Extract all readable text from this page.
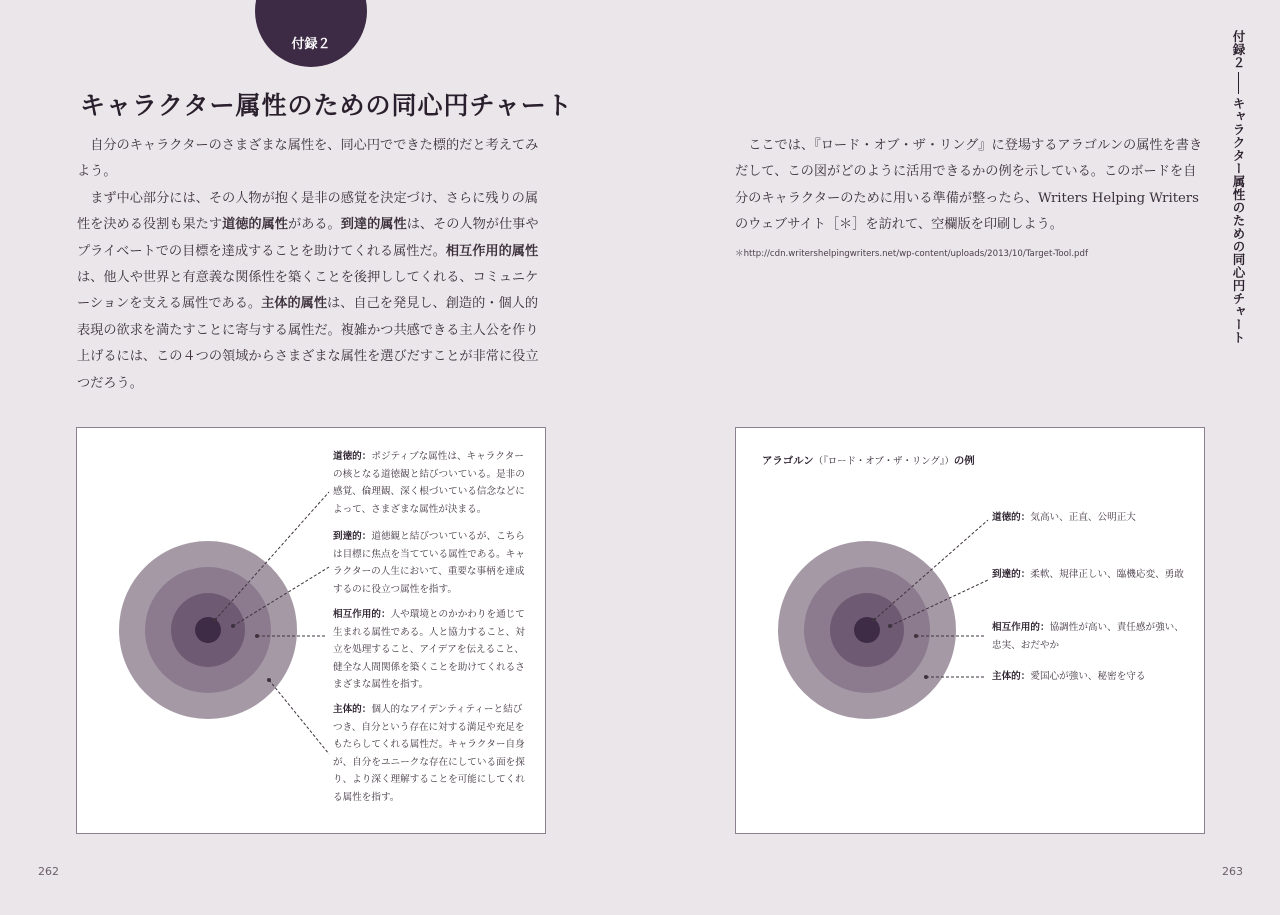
付録２
キャラクター属性のための同心円チャート

自分のキャラクターのさまざまな属性を、同心円でできた標的だと考えてみよう。

まず中心部分には、その人物が抱く是非の感覚を決定づけ、さらに残りの属性を決める役割も果たす道徳的属性がある。到達的属性は、その人物が仕事やプライベートでの目標を達成することを助けてくれる属性だ。相互作用的属性は、他人や世界と有意義な関係性を築くことを後押ししてくれる、コミュニケーションを支える属性である。主体的属性は、自己を発見し、創造的・個人的表現の欲求を満たすことに寄与する属性だ。複雑かつ共感できる主人公を作り上げるには、この４つの領域からさまざまな属性を選びだすことが非常に役立つだろう。

ここでは、『ロード・オブ・ザ・リング』に登場するアラゴルンの属性を書きだして、この図がどのように活用できるかの例を示している。このボードを自分のキャラクターのために用いる準備が整ったら、Writers Helping Writersのウェブサイト［＊］を訪れて、空欄版を印刷しよう。

＊http://cdn.writershelpingwriters.net/wp-content/uploads/2013/10/Target-Tool.pdf
付録２キャラクター属性のための同心円チャート
道徳的：ポジティブな属性は、キャラクターの核となる道徳観と結びついている。是非の感覚、倫理観、深く根づいている信念などによって、さまざまな属性が決まる。
到達的：道徳観と結びついているが、こちらは目標に焦点を当てている属性である。キャラクターの人生において、重要な事柄を達成するのに役立つ属性を指す。
相互作用的：人や環境とのかかわりを通じて生まれる属性である。人と協力すること、対立を処理すること、アイデアを伝えること、健全な人間関係を築くことを助けてくれるさまざまな属性を指す。
主体的：個人的なアイデンティティーと結びつき、自分という存在に対する満足や充足をもたらしてくれる属性だ。キャラクター自身が、自分をユニークな存在にしている面を探り、より深く理解することを可能にしてくれる属性を指す。
アラゴルン（『ロード・オブ・ザ・リング』）の例
道徳的：気高い、正直、公明正大
到達的：柔軟、規律正しい、臨機応変、勇敢
相互作用的：協調性が高い、責任感が強い、忠実、おだやか
主体的：愛国心が強い、秘密を守る
262	263
